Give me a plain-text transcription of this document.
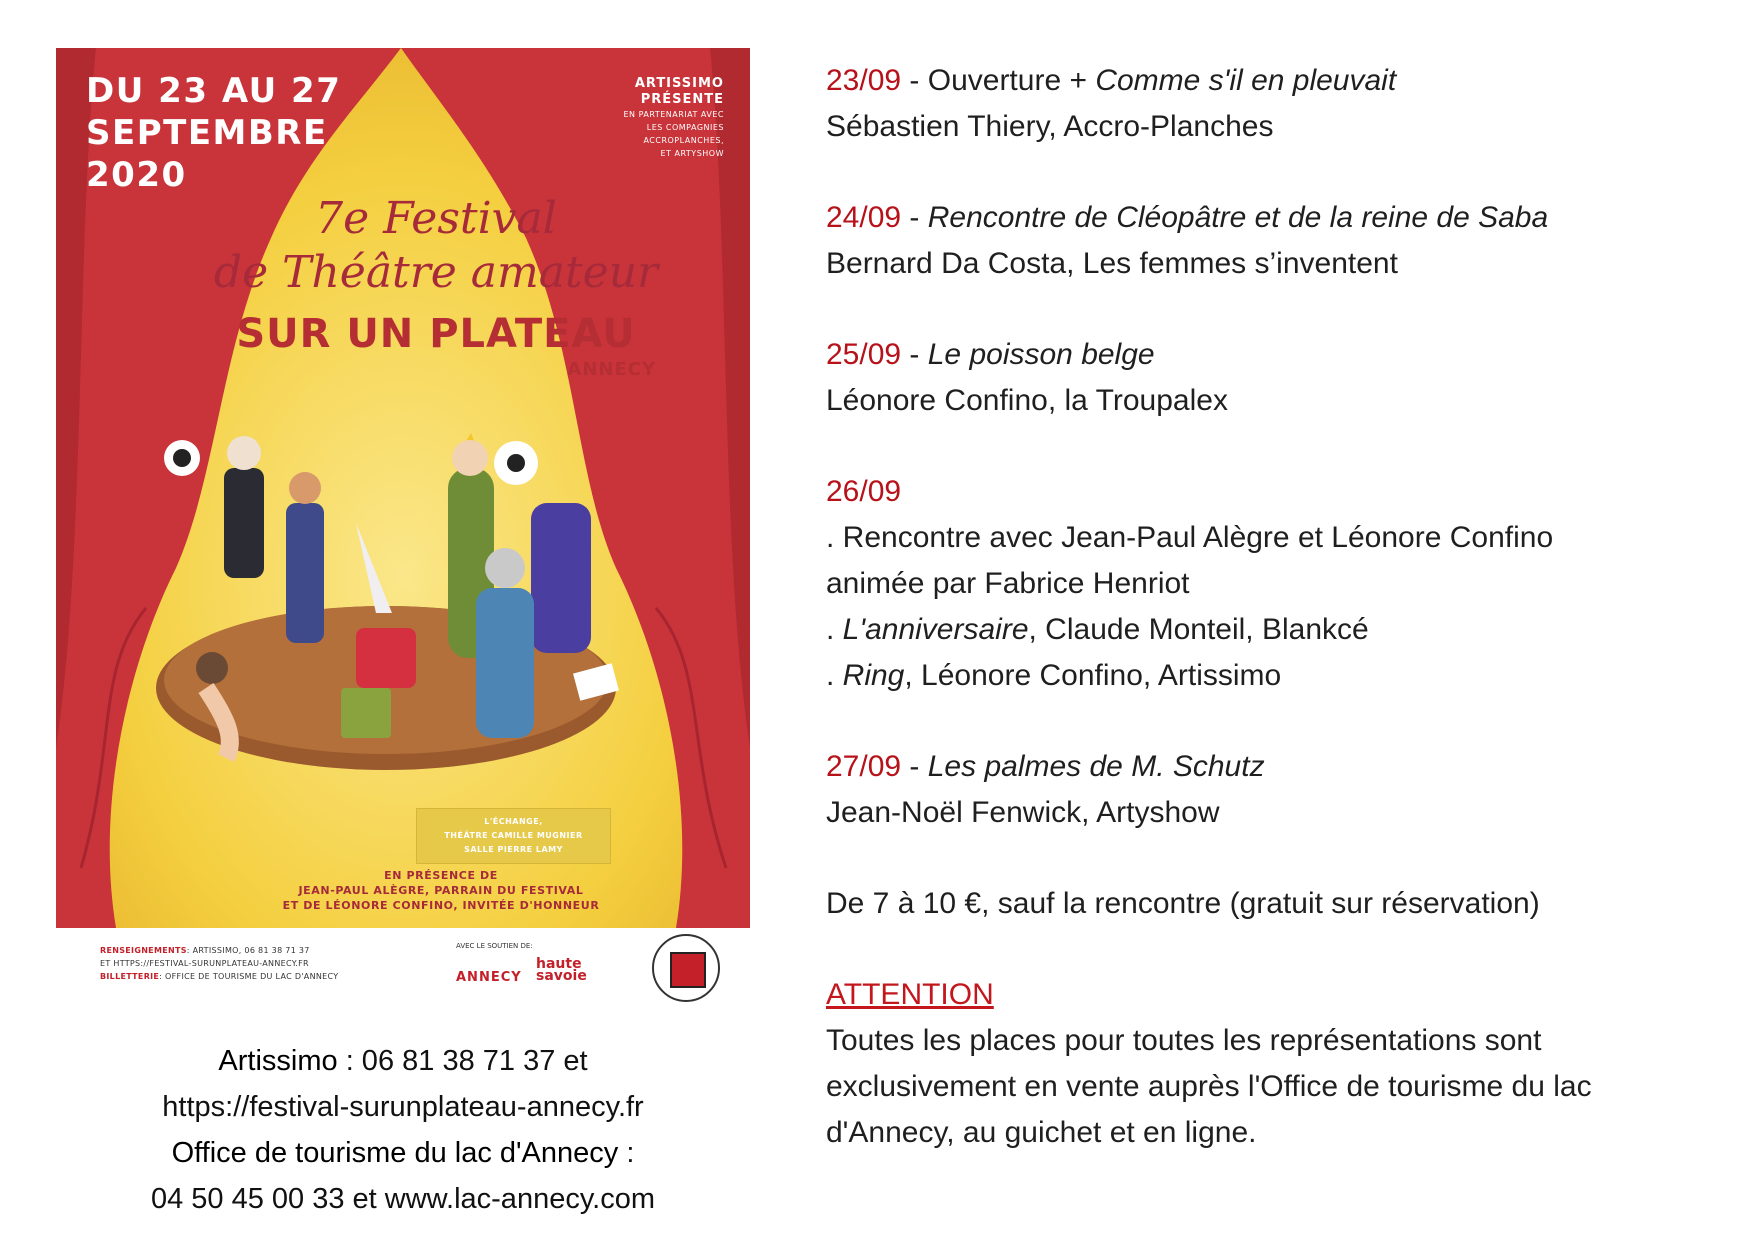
DU 23 AU 27
SEPTEMBRE
2020
ARTISSIMO
PRÉSENTE
EN PARTENARIAT AVEC
LES COMPAGNIES
ACCROPLANCHES,
ET ARTYSHOW
7e Festival
de Théâtre amateur
SUR UN PLATEAU
ANNECY
L'ÉCHANGE,
THÉÂTRE CAMILLE MUGNIER
SALLE PIERRE LAMY
EN PRÉSENCE DE
JEAN-PAUL ALÈGRE, PARRAIN DU FESTIVAL
ET DE LÉONORE CONFINO, INVITÉE D'HONNEUR
RENSEIGNEMENTS: ARTISSIMO, 06 81 38 71 37
ET HTTPS://FESTIVAL-SURUNPLATEAU-ANNECY.FR
BILLETTERIE: OFFICE DE TOURISME DU LAC D'ANNECY
AVEC LE SOUTIEN DE:
ANNECY
haute
savoie
Artissimo : 06 81 38 71 37 et
https://festival-surunplateau-annecy.fr
Office de tourisme du lac d'Annecy :
04 50 45 00 33 et www.lac-annecy.com

23/09 - Ouverture + Comme s'il en pleuvait

Sébastien Thiery, Accro-Planches

24/09 - Rencontre de Cléopâtre et de la reine de Saba

Bernard Da Costa, Les femmes s’inventent

25/09 - Le poisson belge

Léonore Confino, la Troupalex

26/09

. Rencontre avec Jean-Paul Alègre et Léonore Confino

animée par Fabrice Henriot

. L'anniversaire, Claude Monteil, Blankcé

. Ring, Léonore Confino, Artissimo

27/09 - Les palmes de M. Schutz

Jean-Noël Fenwick, Artyshow

De 7 à 10 €, sauf la rencontre (gratuit sur réservation)

ATTENTION

Toutes les places pour toutes les représentations sont exclusivement en vente auprès l'Office de tourisme du lac d'Annecy, au guichet et en ligne.
